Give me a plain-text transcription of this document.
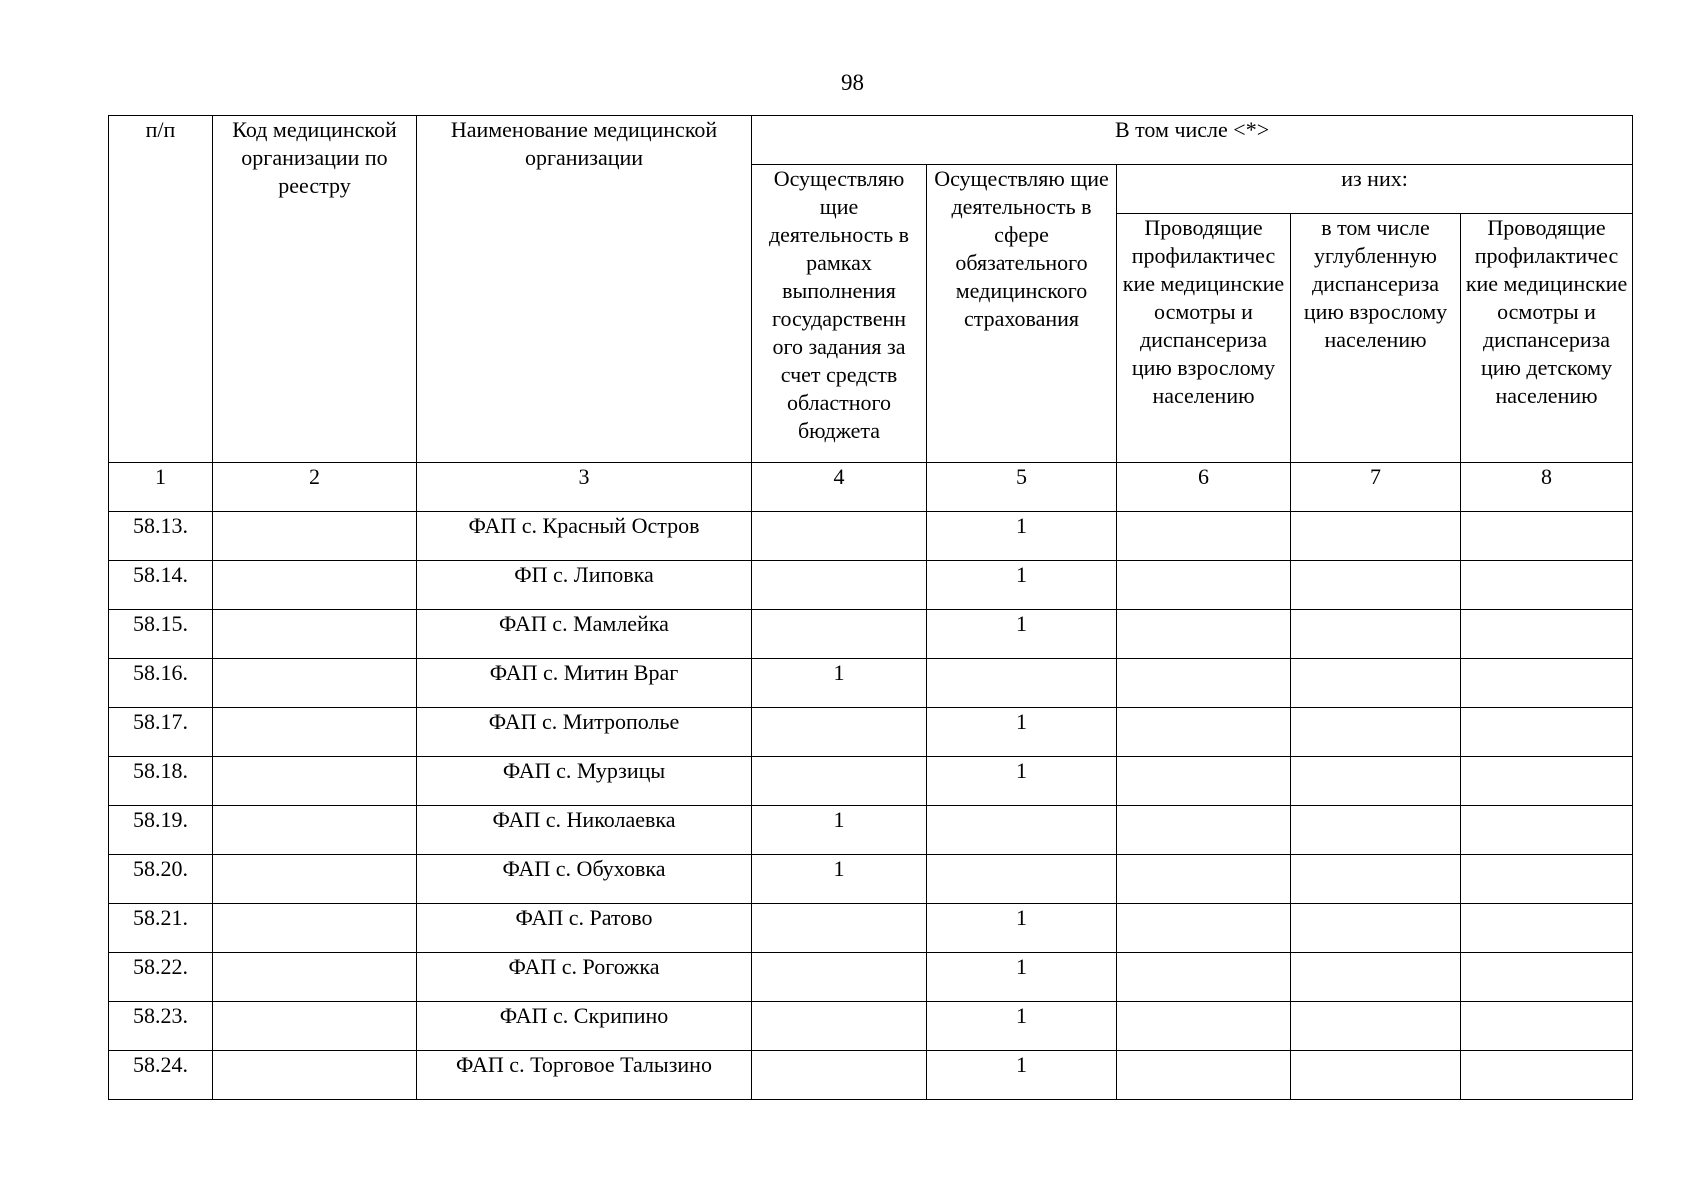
98
п/п	Код медицинской организации по реестру	Наименование медицинской организации	В том числе <*>				
			Осуществляю щие деятельность в рамках выполнения государственн ого задания за счет средств областного бюджета	Осуществляю щие деятельность в сфере обязательного медицинского страхования	из них:		
					Проводящие профилактичес кие медицинские осмотры и диспансериза цию взрослому населению	в том числе углубленную диспансериза цию взрослому населению	Проводящие профилактичес кие медицинские осмотры и диспансериза цию детскому населению
1	2	3	4	5	6	7	8
58.13.		ФАП с. Красный Остров		1			
58.14.		ФП с. Липовка		1			
58.15.		ФАП с. Мамлейка		1			
58.16.		ФАП с. Митин Враг	1				
58.17.		ФАП с. Митрополье		1			
58.18.		ФАП с. Мурзицы		1			
58.19.		ФАП с. Николаевка	1				
58.20.		ФАП с. Обуховка	1				
58.21.		ФАП с. Ратово		1			
58.22.		ФАП с. Рогожка		1			
58.23.		ФАП с. Скрипино		1			
58.24.		ФАП с. Торговое Талызино		1			
